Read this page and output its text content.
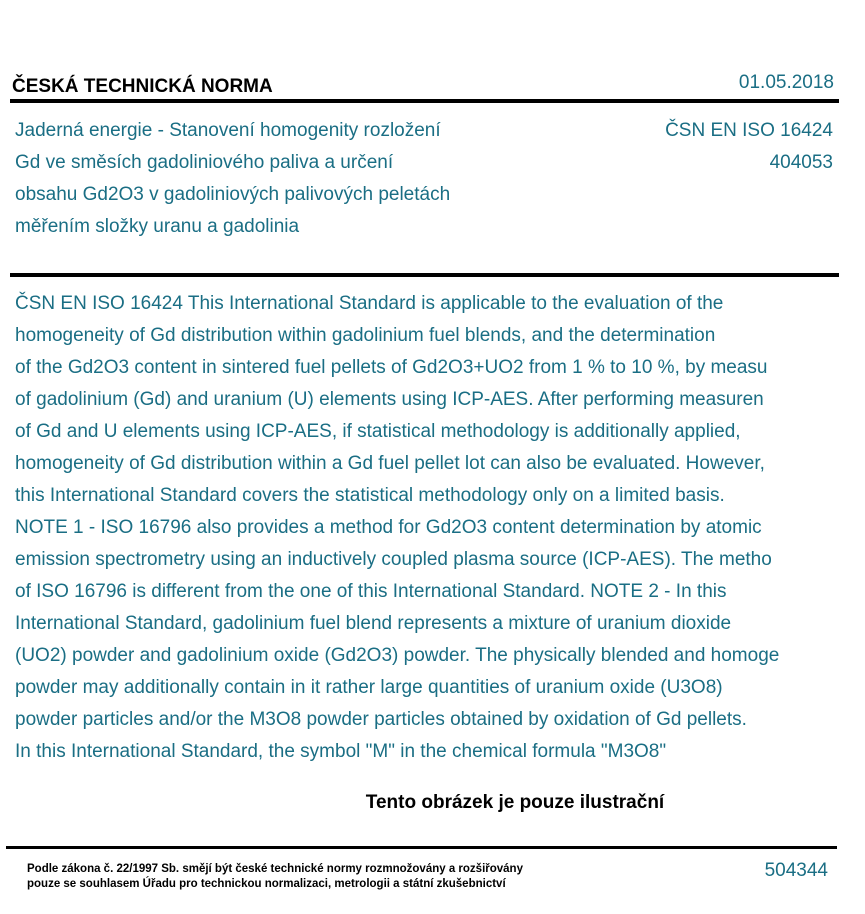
ČESKÁ TECHNICKÁ NORMA	01.05.2018
Jaderná energie - Stanovení homogenity rozložení
Gd ve směsích gadoliniového paliva a určení
obsahu Gd2O3 v gadoliniových palivových peletách
měřením složky uranu a gadolinia
ČSN EN ISO 16424
404053
ČSN EN ISO 16424 This International Standard is applicable to the evaluation of the
homogeneity of Gd distribution within gadolinium fuel blends, and the determination
of the Gd2O3 content in sintered fuel pellets of Gd2O3+UO2 from 1 % to 10 %, by measu
of gadolinium (Gd) and uranium (U) elements using ICP-AES. After performing measuren
of Gd and U elements using ICP-AES, if statistical methodology is additionally applied,
homogeneity of Gd distribution within a Gd fuel pellet lot can also be evaluated. However,
this International Standard covers the statistical methodology only on a limited basis.
NOTE 1 - ISO 16796 also provides a method for Gd2O3 content determination by atomic
emission spectrometry using an inductively coupled plasma source (ICP-AES). The metho
of ISO 16796 is different from the one of this International Standard. NOTE 2 - In this
International Standard, gadolinium fuel blend represents a mixture of uranium dioxide
(UO2) powder and gadolinium oxide (Gd2O3) powder. The physically blended and homoge
powder may additionally contain in it rather large quantities of uranium oxide (U3O8)
powder particles and/or the M3O8 powder particles obtained by oxidation of Gd pellets.
In this International Standard, the symbol "M" in the chemical formula "M3O8"
Tento obrázek je pouze ilustrační
Podle zákona č. 22/1997 Sb. smějí být české technické normy rozmnožovány a rozšiřovány
pouze se souhlasem Úřadu pro technickou normalizaci, metrologii a státní zkušebnictví
504344
